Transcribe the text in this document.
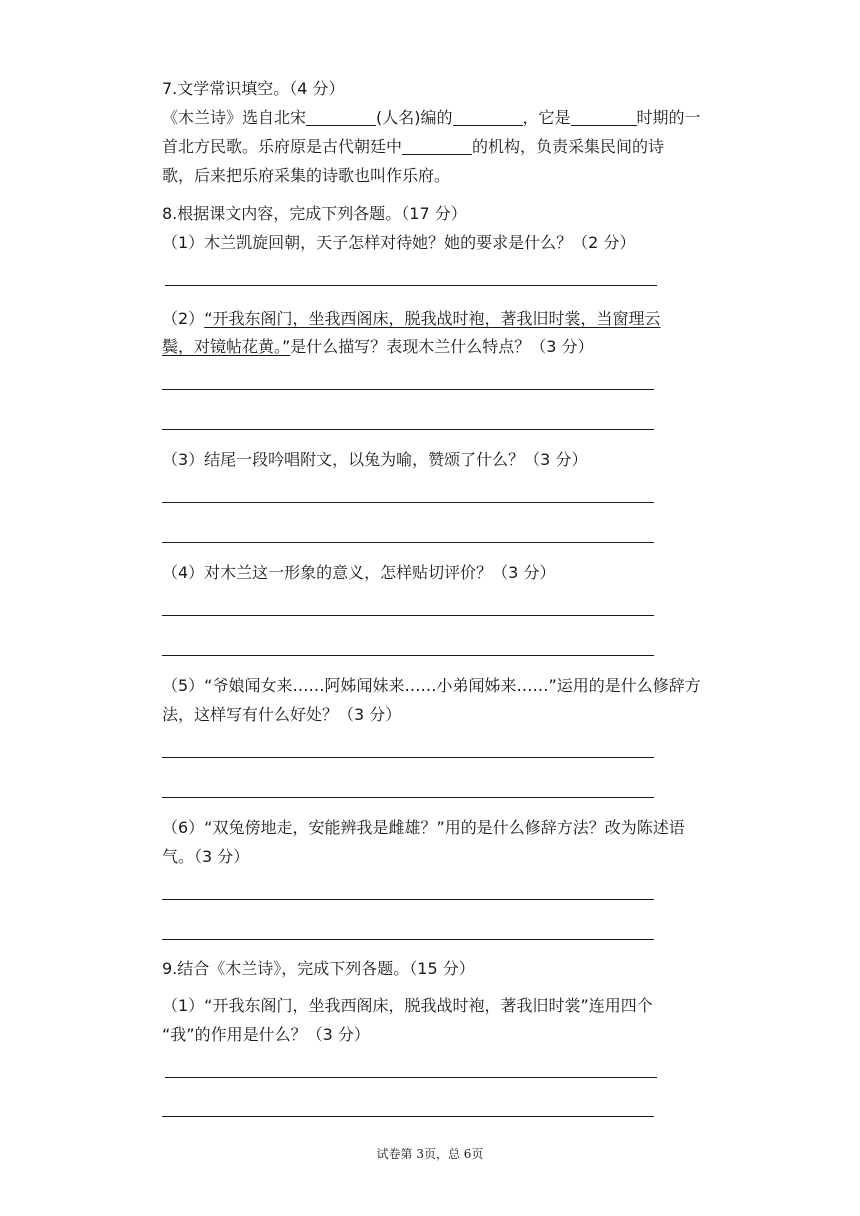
7.文学常识填空。（4 分）
《木兰诗》选自北宋	(人名)编的	，它是	时期的一
首北方民歌。乐府原是古代朝廷中	的机构，负责采集民间的诗
歌，后来把乐府采集的诗歌也叫作乐府。
8.根据课文内容，完成下列各题。（17 分）
（1）木兰凯旋回朝，天子怎样对待她？她的要求是什么？（2 分）
（2）“开我东阁门，坐我西阁床，脱我战时袍，著我旧时裳，当窗理云
鬓，对镜帖花黄。”是什么描写？表现木兰什么特点？（3 分）
（3）结尾一段吟唱附文，以兔为喻，赞颂了什么？（3 分）
（4）对木兰这一形象的意义，怎样贴切评价？（3 分）
（5）“爷娘闻女来……阿姊闻妹来……小弟闻姊来……”运用的是什么修辞方
法，这样写有什么好处？（3 分）
（6）“双兔傍地走，安能辨我是雌雄？”用的是什么修辞方法？改为陈述语
气。（3 分）
9.结合《木兰诗》，完成下列各题。（15 分）
（1）“开我东阁门，坐我西阁床，脱我战时袍，著我旧时裳”连用四个
“我”的作用是什么？（3 分）
试卷第 3页，总 6页
